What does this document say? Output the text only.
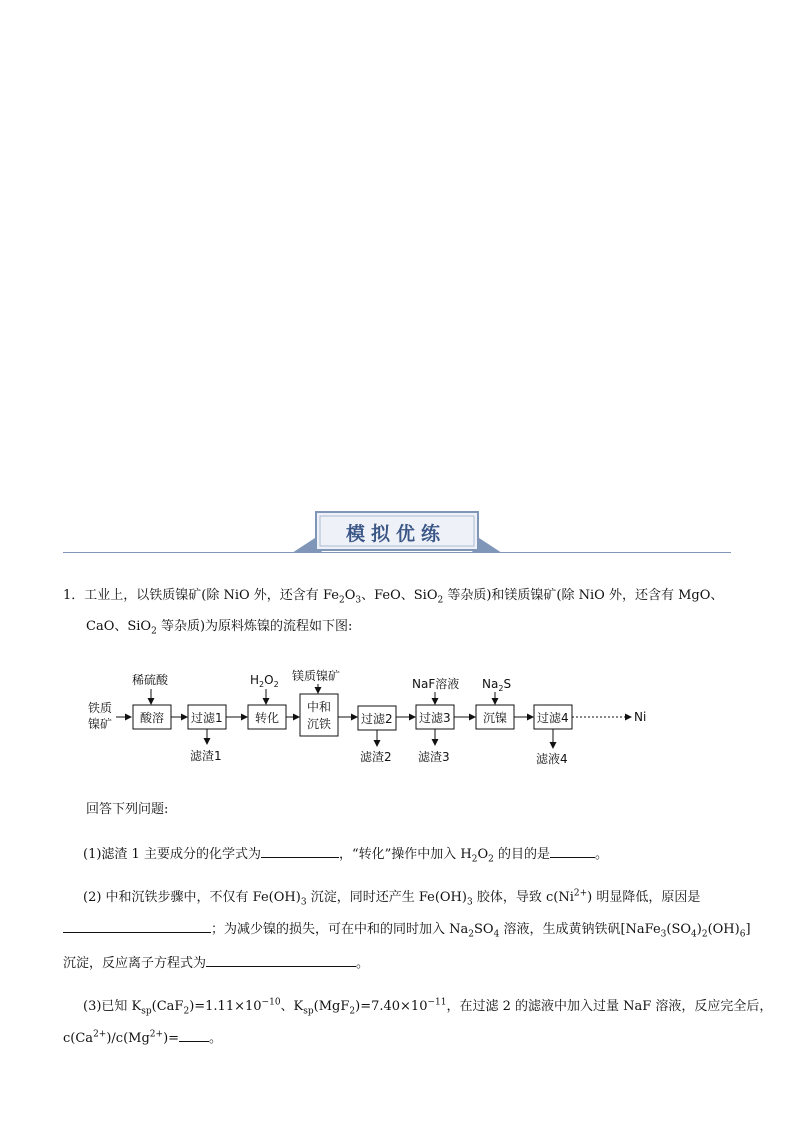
模拟优练
1．工业上，以铁质镍矿(除 NiO 外，还含有 $Fe_2O_3$、FeO、SiO$_2$ 等杂质)和镁质镍矿(除 NiO 外，还含有 MgO、
CaO、SiO$_2$ 等杂质)为原料炼镍的流程如下图:
铁质
镍矿
稀硫酸
酸溶 过滤1
滤渣1
$H_2O_2$
转化
镁质镍矿
中和
沉铁 过滤2
滤渣2
NaF溶液
过滤3
滤渣3
$Na_2S$
沉镍 过滤4
滤液4
Ni
回答下列问题:
(1)滤渣 1 主要成分的化学式为	，“转化”操作中加入 $H_2O_2$ 的目的是	。
(2) 中和沉铁步骤中，不仅有 $Fe(OH)_3$ 沉淀，同时还产生 $Fe(OH)_3$ 胶体，导致 $c(Ni^{2+})$ 明显降低，原因是
；为减少镍的损失，可在中和的同时加入 $Na_2SO_4$ 溶液，生成黄钠铁矾$[NaFe_3(SO_4)_2(OH)_6]$
沉淀，反应离子方程式为	。
(3)已知 $K_{sp}(CaF_2)=1.11\times 10^{-10}$、$K_{sp}(MgF_2)=7.40\times 10^{-11}$，在过滤 2 的滤液中加入过量 NaF 溶液，反应完全后，
$c(Ca^{2+})/c(Mg^{2+})=$ 。
